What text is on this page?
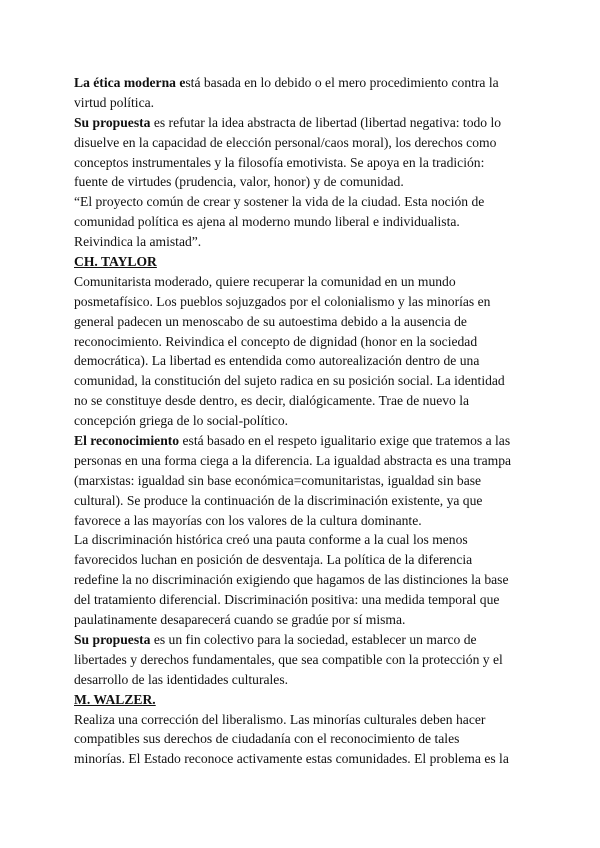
La ética moderna está basada en lo debido o el mero procedimiento contra la
virtud política.
Su propuesta es refutar la idea abstracta de libertad (libertad negativa: todo lo
disuelve en la capacidad de elección personal/caos moral), los derechos como
conceptos instrumentales y la filosofía emotivista. Se apoya en la tradición:
fuente de virtudes (prudencia, valor, honor) y de comunidad.
“El proyecto común de crear y sostener la vida de la ciudad. Esta noción de
comunidad política es ajena al moderno mundo liberal e individualista.
Reivindica la amistad”.
CH. TAYLOR
Comunitarista moderado, quiere recuperar la comunidad en un mundo
posmetafísico. Los pueblos sojuzgados por el colonialismo y las minorías en
general padecen un menoscabo de su autoestima debido a la ausencia de
reconocimiento. Reivindica el concepto de dignidad (honor en la sociedad
democrática). La libertad es entendida como autorealización dentro de una
comunidad, la constitución del sujeto radica en su posición social. La identidad
no se constituye desde dentro, es decir, dialógicamente. Trae de nuevo la
concepción griega de lo social-político.
El reconocimiento está basado en el respeto igualitario exige que tratemos a las
personas en una forma ciega a la diferencia. La igualdad abstracta es una trampa
(marxistas: igualdad sin base económica=comunitaristas, igualdad sin base
cultural). Se produce la continuación de la discriminación existente, ya que
favorece a las mayorías con los valores de la cultura dominante.
La discriminación histórica creó una pauta conforme a la cual los menos
favorecidos luchan en posición de desventaja. La política de la diferencia
redefine la no discriminación exigiendo que hagamos de las distinciones la base
del tratamiento diferencial. Discriminación positiva: una medida temporal que
paulatinamente desaparecerá cuando se gradúe por sí misma.
Su propuesta es un fin colectivo para la sociedad, establecer un marco de
libertades y derechos fundamentales, que sea compatible con la protección y el
desarrollo de las identidades culturales.
M. WALZER.
Realiza una corrección del liberalismo. Las minorías culturales deben hacer
compatibles sus derechos de ciudadanía con el reconocimiento de tales
minorías. El Estado reconoce activamente estas comunidades. El problema es la
